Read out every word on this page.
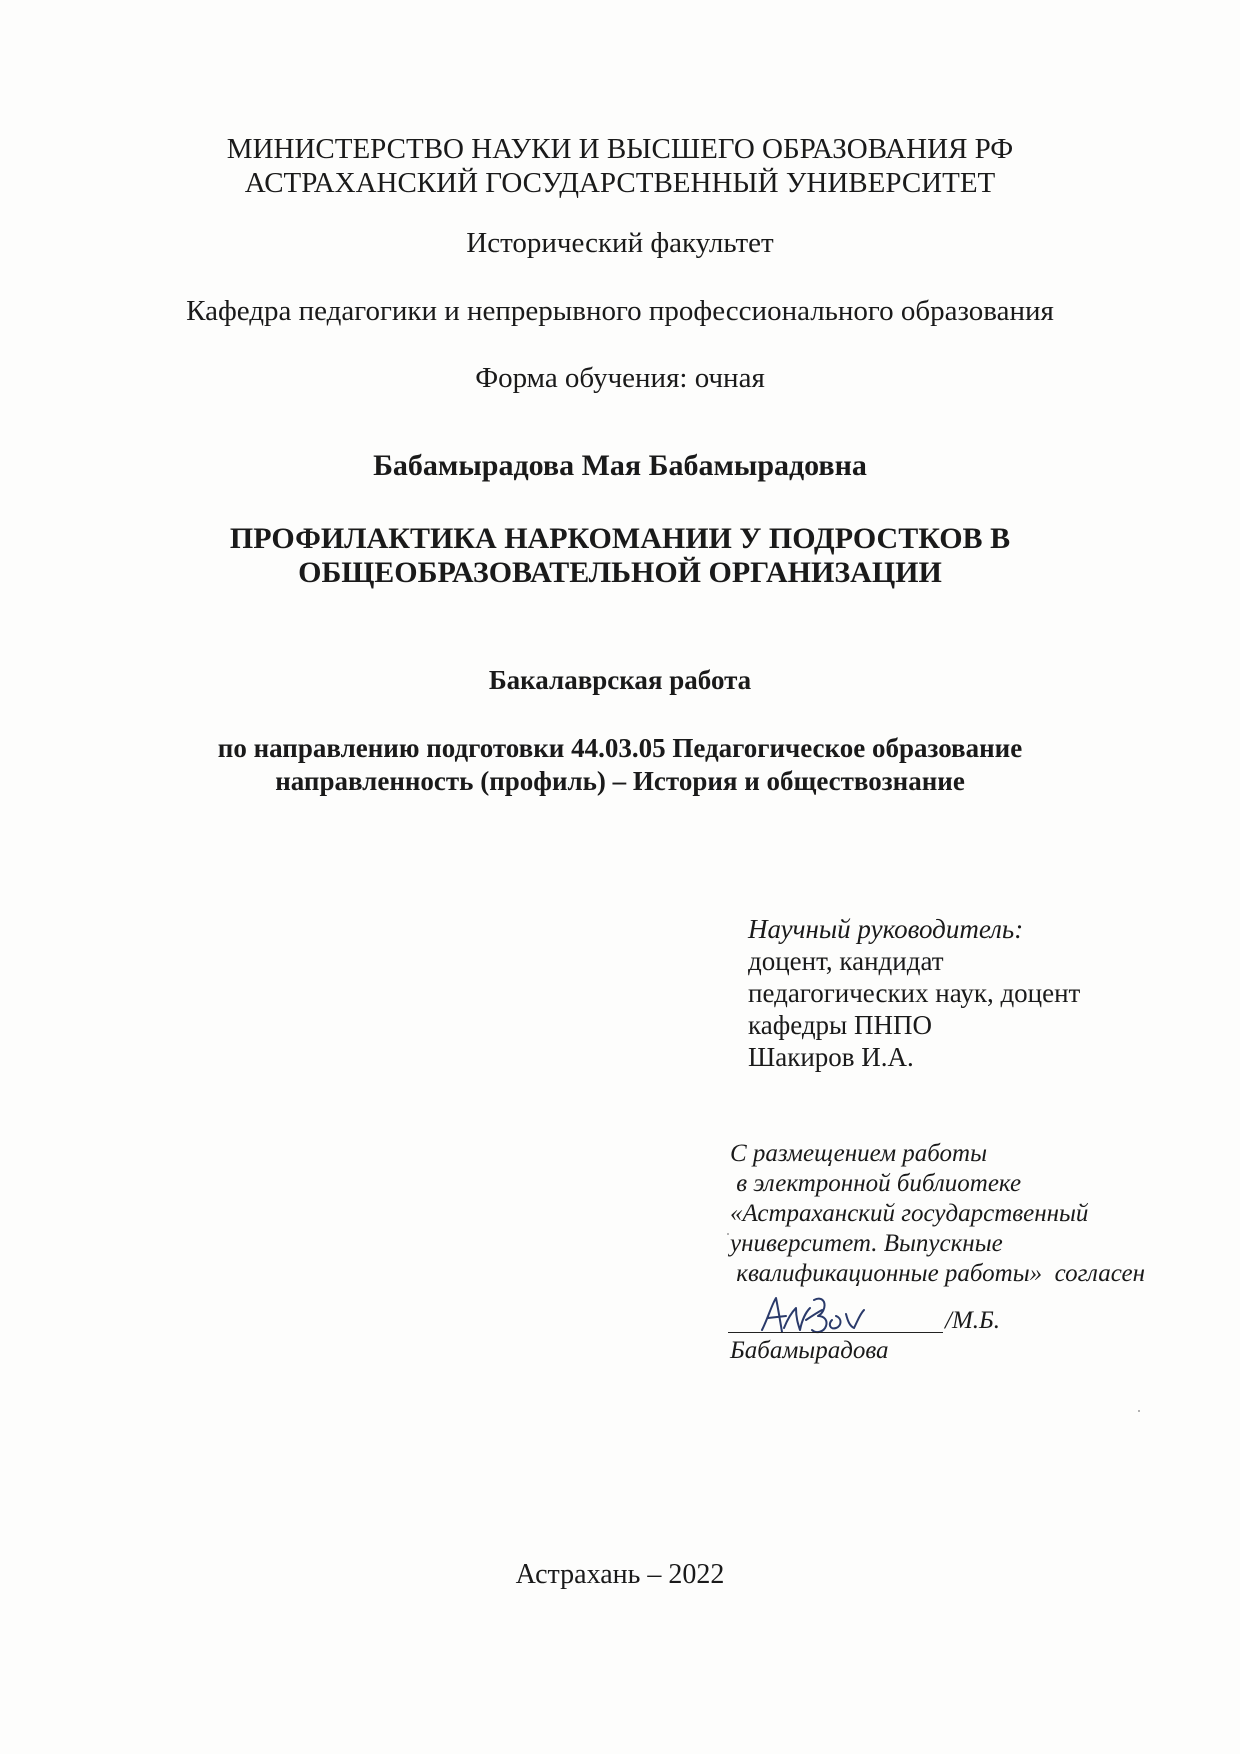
МИНИСТЕРСТВО НАУКИ И ВЫСШЕГО ОБРАЗОВАНИЯ РФ
АСТРАХАНСКИЙ ГОСУДАРСТВЕННЫЙ УНИВЕРСИТЕТ
Исторический факультет
Кафедра педагогики и непрерывного профессионального образования
Форма обучения: очная
Бабамырадова Мая Бабамырадовна
ПРОФИЛАКТИКА НАРКОМАНИИ У ПОДРОСТКОВ В
ОБЩЕОБРАЗОВАТЕЛЬНОЙ ОРГАНИЗАЦИИ
Бакалаврская работа
по направлению подготовки 44.03.05 Педагогическое образование
направленность (профиль) – История и обществознание
Научный руководитель:
доцент, кандидат
педагогических наук, доцент
кафедры ПНПО
Шакиров И.А.
С размещением работы
в электронной библиотеке
«Астраханский государственный
университет. Выпускные
квалификационные работы»  согласен
/М.Б.
Бабамырадова
Астрахань – 2022
